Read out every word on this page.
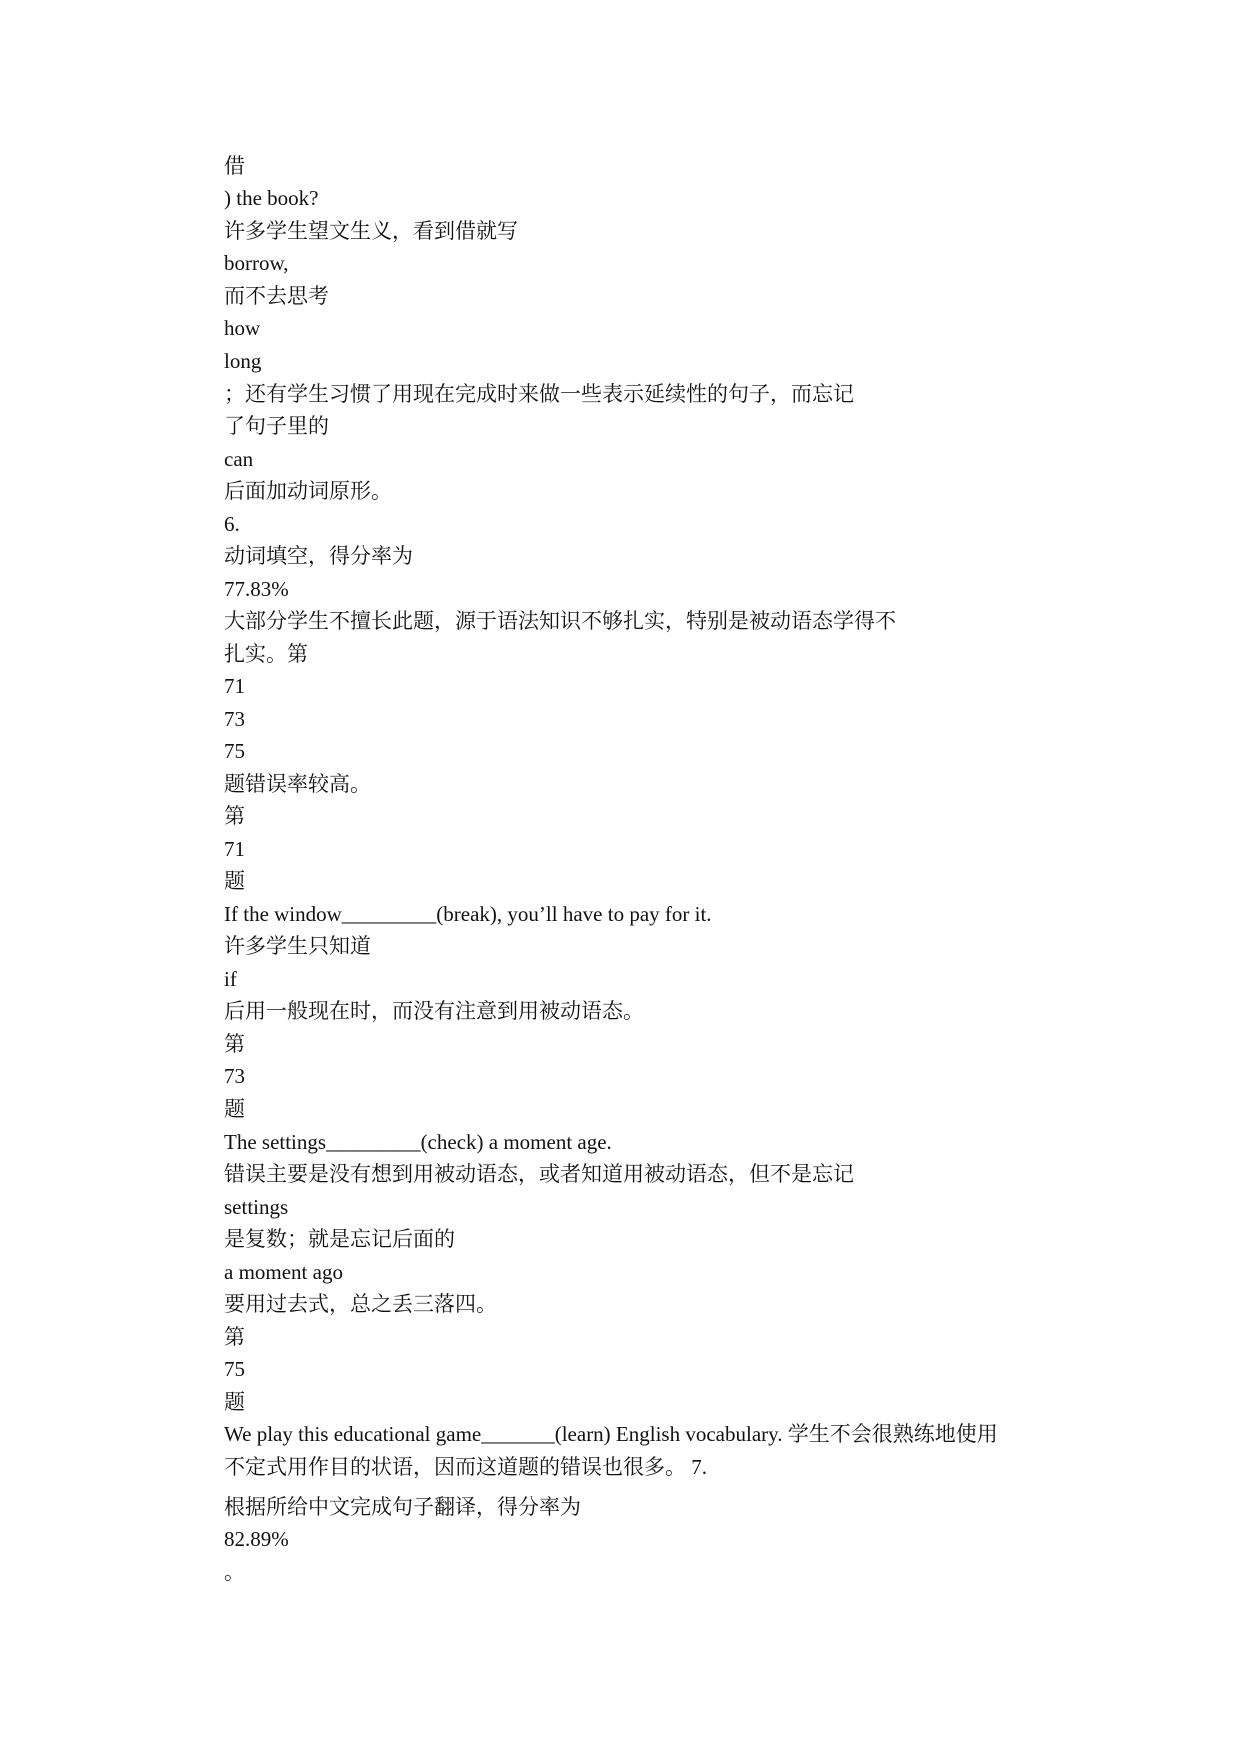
借
) the book?
许多学生望文生义，看到借就写
borrow,
而不去思考
how
long
；还有学生习惯了用现在完成时来做一些表示延续性的句子，而忘记
了句子里的
can
后面加动词原形。
6.
动词填空，得分率为
77.83%
大部分学生不擅长此题，源于语法知识不够扎实，特别是被动语态学得不
扎实。第
71
73
75
题错误率较高。
第
71
题
If the window_________(break), you’ll have to pay for it.
许多学生只知道
if
后用一般现在时，而没有注意到用被动语态。
第
73
题
The settings_________(check) a moment age.
错误主要是没有想到用被动语态，或者知道用被动语态，但不是忘记
settings
是复数；就是忘记后面的
a moment ago
要用过去式，总之丢三落四。
第
75
题
We play this educational game_______(learn) English vocabulary. 学生不会很熟练地使用
不定式用作目的状语，因而这道题的错误也很多。 7.
根据所给中文完成句子翻译，得分率为
82.89%
。
